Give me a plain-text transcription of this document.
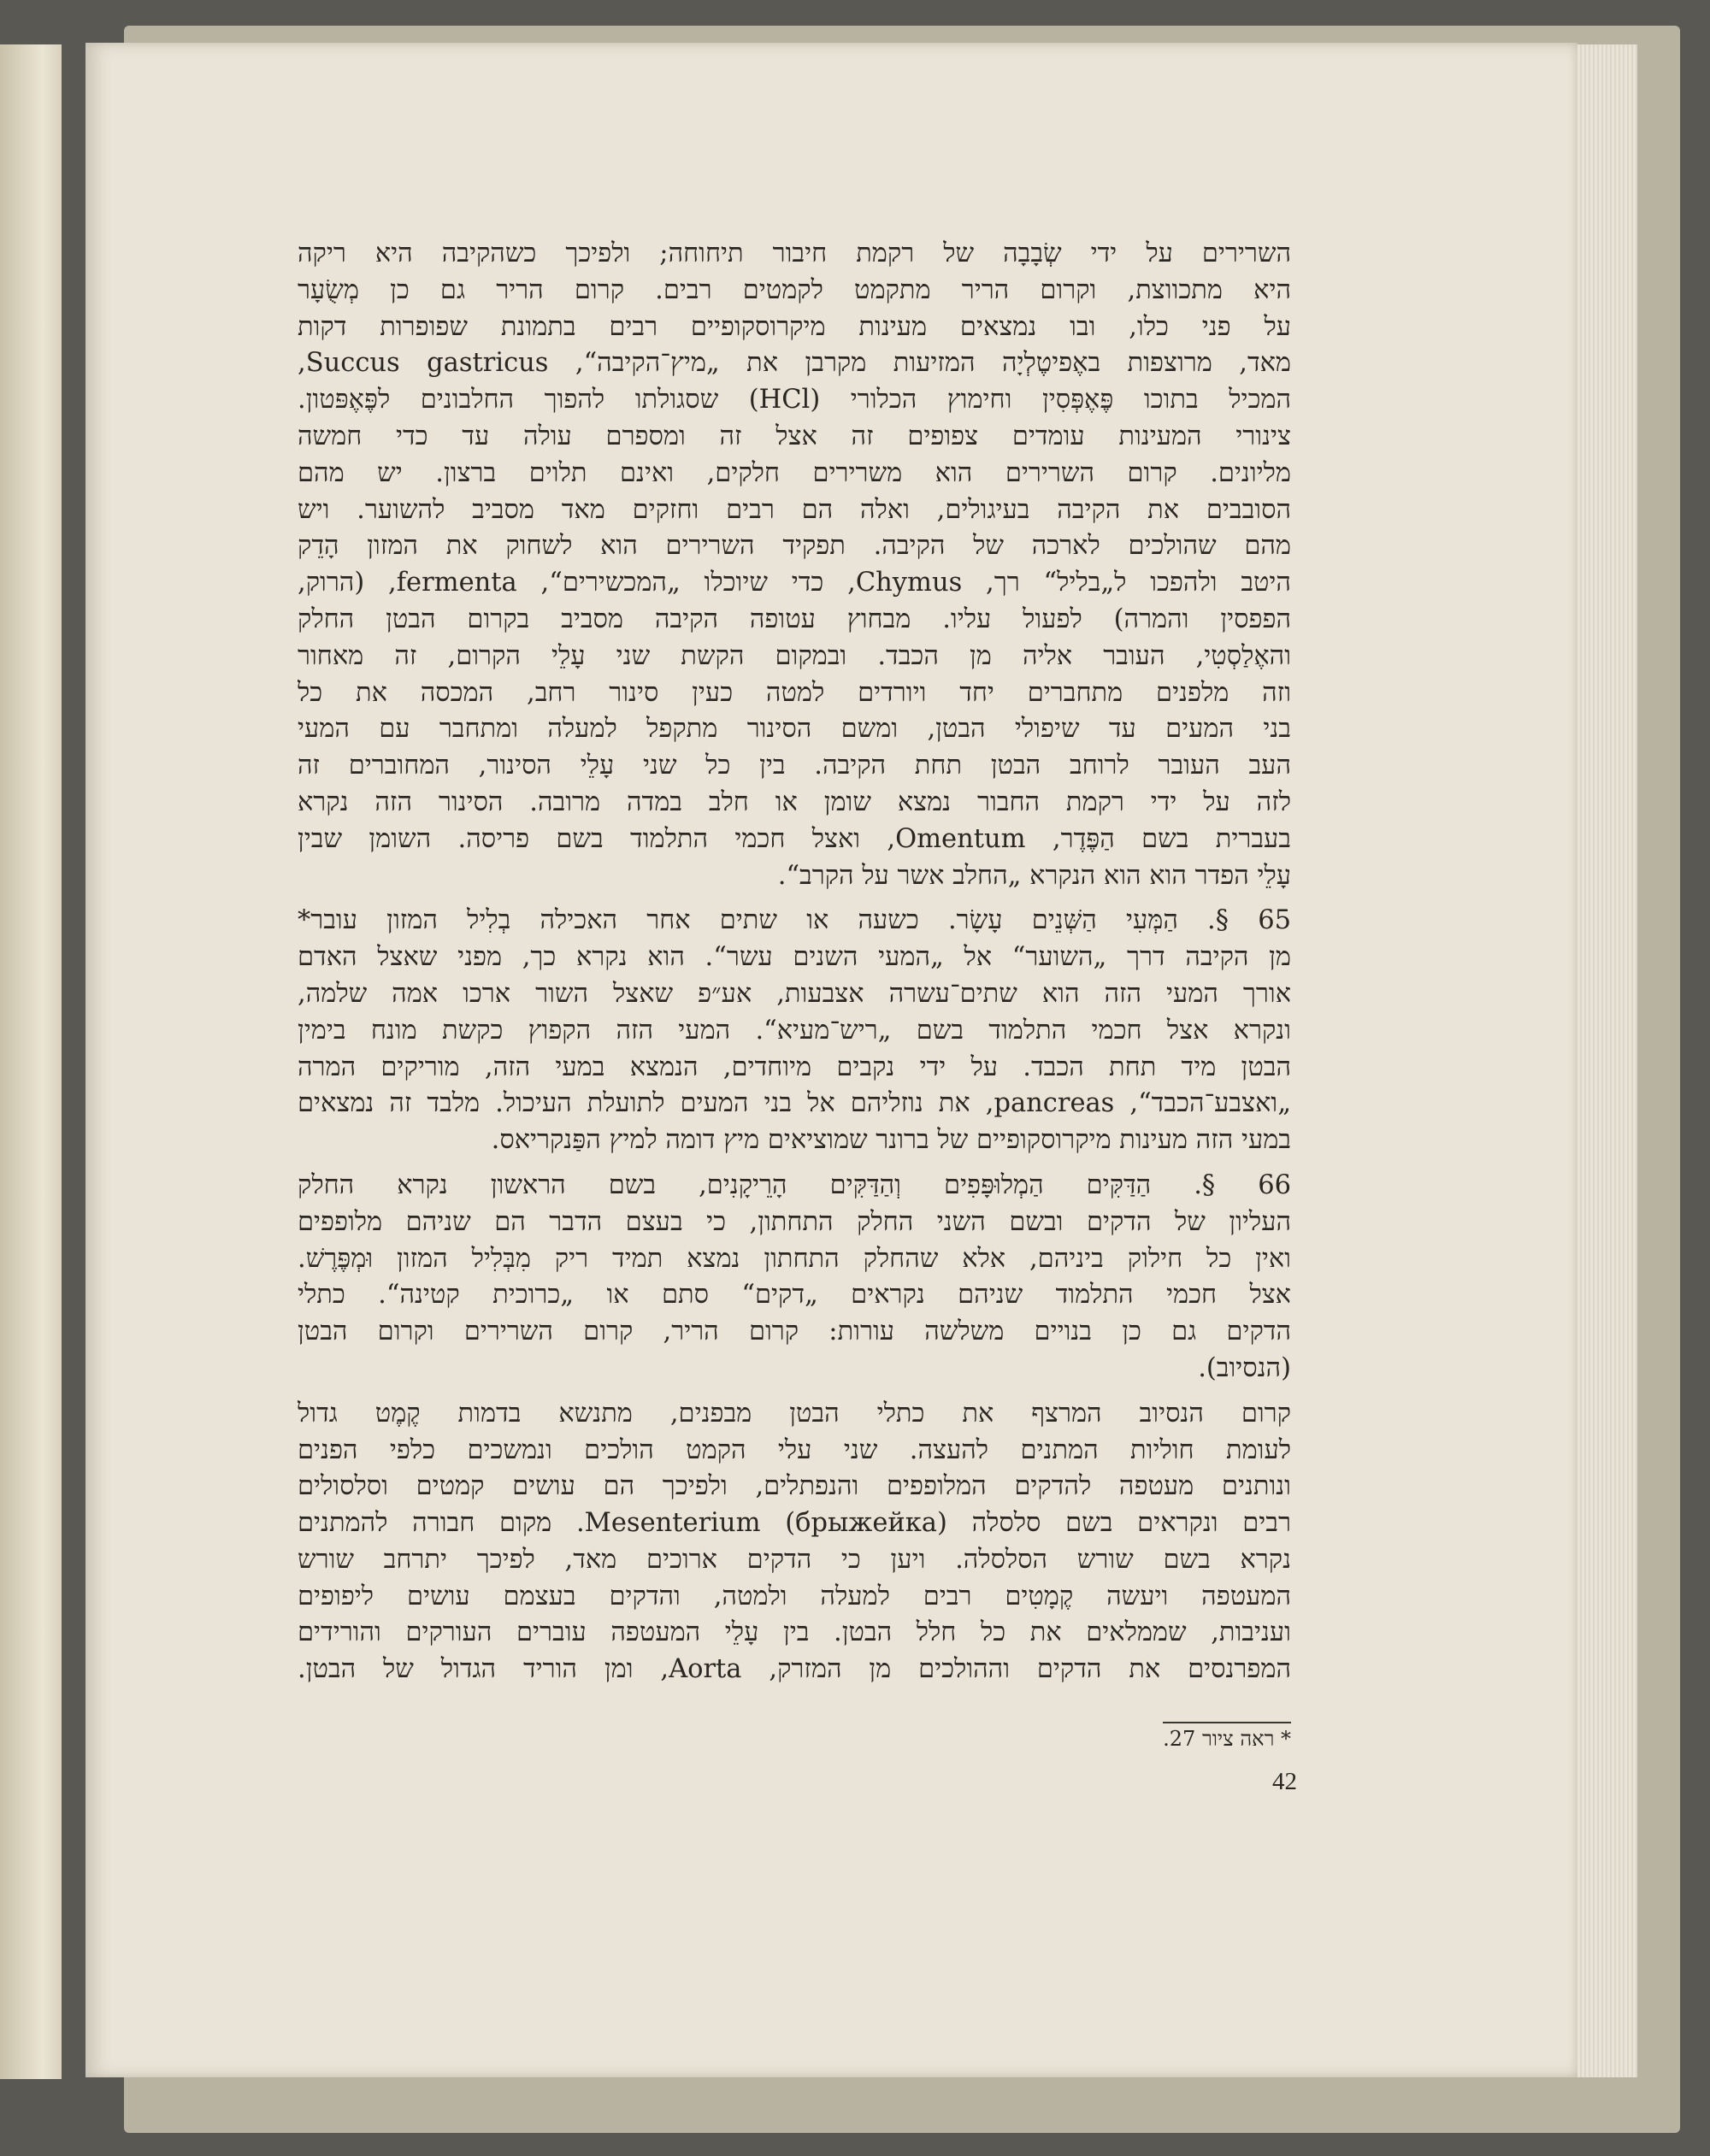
השרירים על ידי שְׂבָבָה של רקמת חיבור תיחוחה; ולפיכך כשהקיבה היא ריקה
היא מתכווצת, וקרום הריר מתקמט לקמטים רבים. קרום הריר גם כן מְשֻׂעָר
על פני כלו, ובו נמצאים מעינות מיקרוסקופיים רבים בתמונת שפופרות דקות
מאד, מרוצפות באֶפיטֶלְיָה המזיעות מקרבן את „מיץ־הקיבה“, Succus gastricus,
המכיל בתוכו פֶּאֶפְּסִין וחימוץ הכלורי (HCl) שסגולתו להפוך החלבונים לפֶּאֶפּטון.
צינורי המעינות עומדים צפופים זה אצל זה ומספרם עולה עד כדי חמשה
מליונים. קרום השרירים הוא משרירים חלקים, ואינם תלוים ברצון. יש מהם
הסובבים את הקיבה בעיגולים, ואלה הם רבים וחזקים מאד מסביב להשוער. ויש
מהם שהולכים לארכה של הקיבה. תפקיד השרירים הוא לשחוק את המזון הָדֵק
היטב ולהפכו ל„בליל“ רך, Chymus, כדי שיוכלו „המכשירים“, fermenta, (הרוק,
הפפסין והמרה) לפעול עליו. מבחוץ עטופה הקיבה מסביב בקרום הבטן החלק
והאֶלַסְטִי, העובר אליה מן הכבד. ובמקום הקשת שני עָלֵי הקרום, זה מאחור
וזה מלפנים מתחברים יחד ויורדים למטה כעין סינור רחב, המכסה את כל
בני המעים עד שיפולי הבטן, ומשם הסינור מתקפל למעלה ומתחבר עם המעי
העב העובר לרוחב הבטן תחת הקיבה. בין כל שני עָלֵי הסינור, המחוברים זה
לזה על ידי רקמת החבור נמצא שומן או חלב במדה מרובה. הסינור הזה נקרא
בעברית בשם הַפֶּדֶר, Omentum, ואצל חכמי התלמוד בשם פריסה. השומן שבין
עָלֵי הפדר הוא הוא הנקרא „החלב אשר על הקרב“.
65 §. הַמְּעִי הַשְּׁנֵים עָשָׂר. כשעה או שתים אחר האכילה בְלִיל המזון עובר*
מן הקיבה דרך „השוער“ אל „המעי השנים עשר“. הוא נקרא כך, מפני שאצל האדם
אורך המעי הזה הוא שתים־עשרה אצבעות, אע״פ שאצל השור ארכו אמה שלמה,
ונקרא אצל חכמי התלמוד בשם „ריש־מעיא“. המעי הזה הקפוץ כקשת מונח בימין
הבטן מיד תחת הכבד. על ידי נקבים מיוחדים, הנמצא במעי הזה, מוריקים המרה
„ואצבע־הכבד“, pancreas, את נוזליהם אל בני המעים לתועלת העיכול. מלבד זה נמצאים
במעי הזה מעינות מיקרוסקופיים של ברונר שמוציאים מיץ דומה למיץ הפַּנקריאס.
66 §. הַדַּקִּים הַמְלוּפָּפִים וְהַדַּקִּים הָרֵיקָנִים, בשם הראשון נקרא החלק
העליון של הדקים ובשם השני החלק התחתון, כי בעצם הדבר הם שניהם מלופפים
ואין כל חילוק ביניהם, אלא שהחלק התחתון נמצא תמיד ריק מִבְּלִיל המזון וּמְפֶּרֶשׁ.
אצל חכמי התלמוד שניהם נקראים „דקים“ סתם או „כרוכית קטינה“. כתלי
הדקים גם כן בנויים משלשה עורות: קרום הריר, קרום השרירים וקרום הבטן
(הנסיוב).
קרום הנסיוב המרצף את כתלי הבטן מבפנים, מתנשא בדמות קֶמֶט גדול
לעומת חוליות המתנים להעצה. שני עלי הקמט הולכים ונמשכים כלפי הפנים
ונותנים מעטפה להדקים המלופפים והנפתלים, ולפיכך הם עושים קמטים וסלסולים
רבים ונקראים בשם סלסלה (брыжейка) Mesenterium. מקום חבורה להמתנים
נקרא בשם שורש הסלסלה. ויען כי הדקים ארוכים מאד, לפיכך יתרחב שורש
המעטפה ויעשה קֶמָטִים רבים למעלה ולמטה, והדקים בעצמם עושים ליפופים
ועניבות, שממלאים את כל חלל הבטן. בין עָלֵי המעטפה עוברים העורקים והורידים
המפרנסים את הדקים וההולכים מן המזרק, Aorta, ומן הוריד הגדול של הבטן.
* ראה ציור 27.
42
